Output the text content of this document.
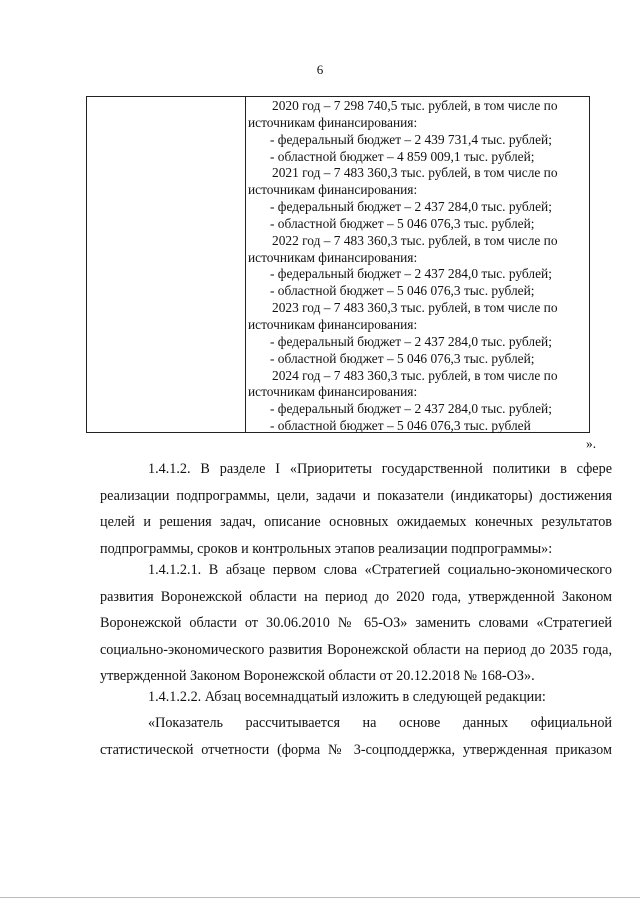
6
2020 год – 7 298 740,5 тыс. рублей, в том числе по
источникам финансирования:
- федеральный бюджет – 2 439 731,4 тыс. рублей;
- областной бюджет – 4 859 009,1 тыс. рублей;
2021 год – 7 483 360,3 тыс. рублей, в том числе по
источникам финансирования:
- федеральный бюджет – 2 437 284,0 тыс. рублей;
- областной бюджет – 5 046 076,3 тыс. рублей;
2022 год – 7 483 360,3 тыс. рублей, в том числе по
источникам финансирования:
- федеральный бюджет – 2 437 284,0 тыс. рублей;
- областной бюджет – 5 046 076,3 тыс. рублей;
2023 год – 7 483 360,3 тыс. рублей, в том числе по
источникам финансирования:
- федеральный бюджет – 2 437 284,0 тыс. рублей;
- областной бюджет – 5 046 076,3 тыс. рублей;
2024 год – 7 483 360,3 тыс. рублей, в том числе по
источникам финансирования:
- федеральный бюджет – 2 437 284,0 тыс. рублей;
- областной бюджет – 5 046 076,3 тыс. рублей
».

1.4.1.2. В разделе I «Приоритеты государственной политики в сфере реализации подпрограммы, цели, задачи и показатели (индикаторы) достижения целей и решения задач, описание основных ожидаемых конечных результатов подпрограммы, сроков и контрольных этапов реализации подпрограммы»:

1.4.1.2.1. В абзаце первом слова «Стратегией социально-экономического развития Воронежской области на период до 2020 года, утвержденной Законом Воронежской области от 30.06.2010 № 65-ОЗ» заменить словами «Стратегией социально-экономического развития Воронежской области на период до 2035 года, утвержденной Законом Воронежской области от 20.12.2018 № 168-ОЗ».

1.4.1.2.2. Абзац восемнадцатый изложить в следующей редакции:

«Показатель рассчитывается на основе данных официальной статистической отчетности (форма № 3-соцподдержка, утвержденная приказом
